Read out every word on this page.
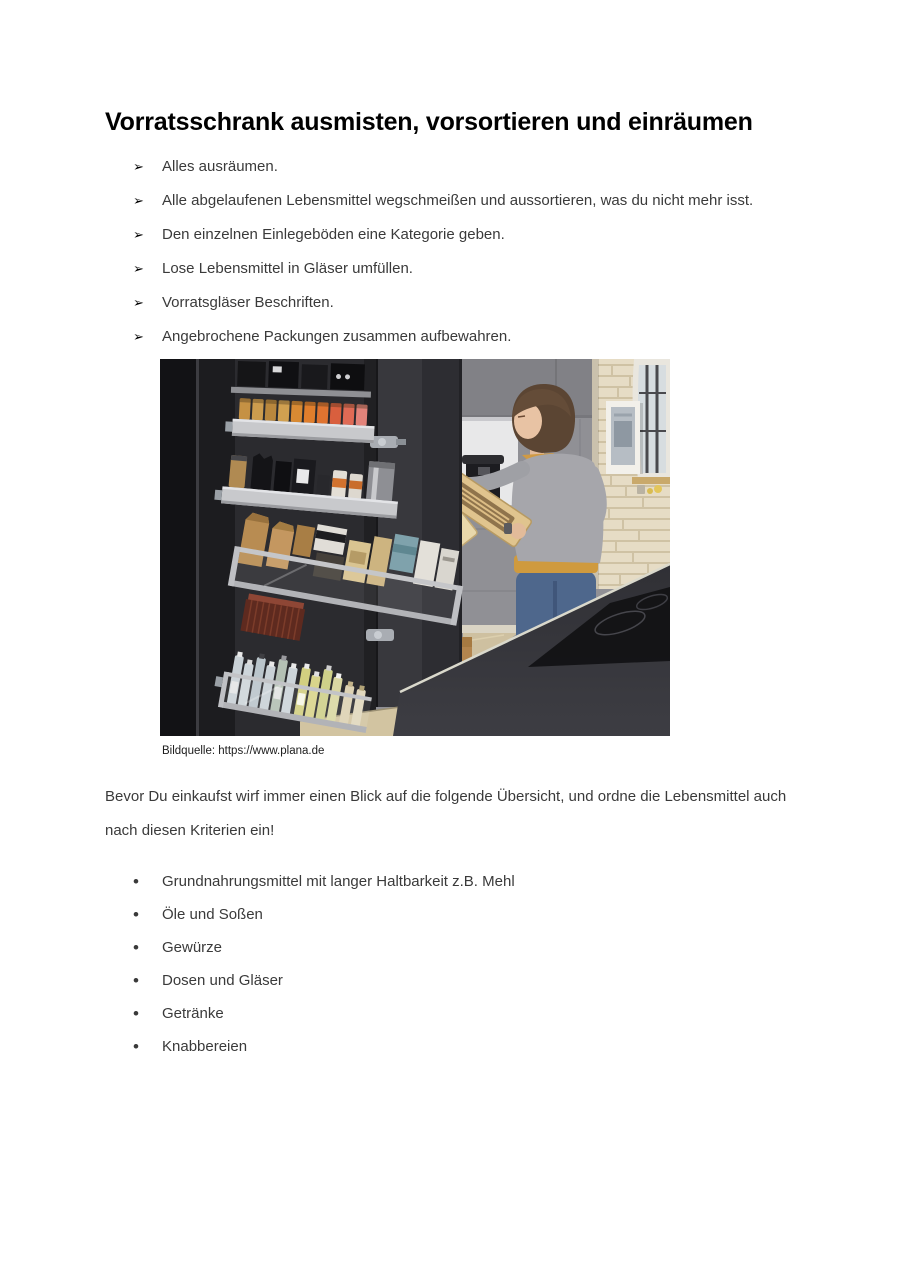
Vorratsschrank ausmisten, vorsortieren und einräumen
➢	Alles ausräumen.
➢	Alle abgelaufenen Lebensmittel wegschmeißen und aussortieren, was du nicht mehr isst.
➢	Den einzelnen Einlegeböden eine Kategorie geben.
➢	Lose Lebensmittel in Gläser umfüllen.
➢	Vorratsgläser Beschriften.
➢	Angebrochene Packungen zusammen aufbewahren.
Bildquelle: https://www.plana.de

Bevor Du einkaufst wirf immer einen Blick auf die folgende Übersicht, und ordne die Lebensmittel auch nach diesen Kriterien ein!

•	Grundnahrungsmittel mit langer Haltbarkeit z.B. Mehl
•	Öle und Soßen
•	Gewürze
•	Dosen und Gläser
•	Getränke
•	Knabbereien
